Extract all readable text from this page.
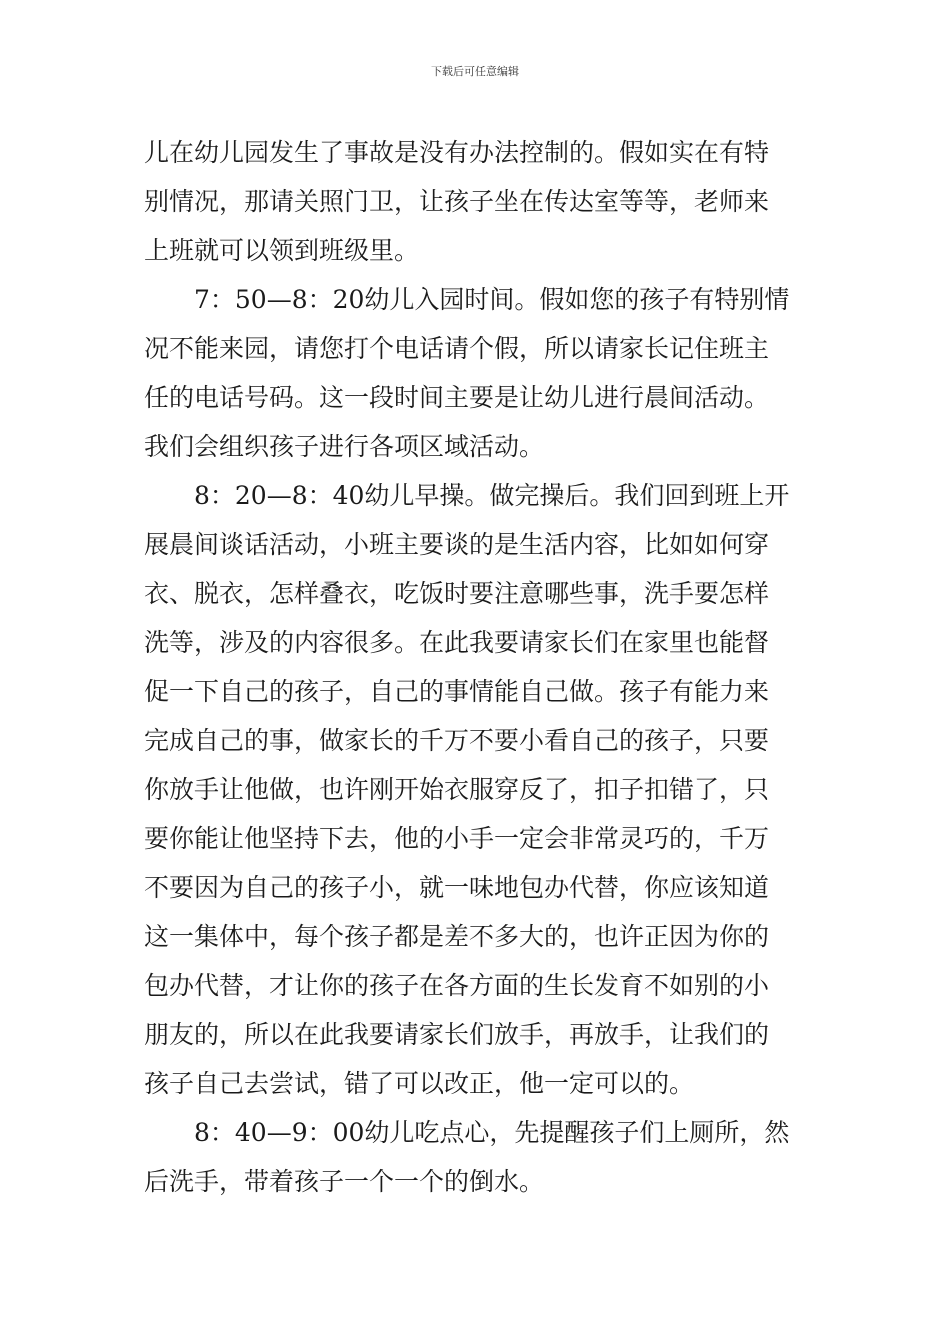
下载后可任意编辑
儿在幼儿园发生了事故是没有办法控制的。假如实在有特
别情况，那请关照门卫，让孩子坐在传达室等等，老师来
上班就可以领到班级里。
7：50—8：20幼儿入园时间。假如您的孩子有特别情
况不能来园，请您打个电话请个假，所以请家长记住班主
任的电话号码。这一段时间主要是让幼儿进行晨间活动。
我们会组织孩子进行各项区域活动。
8：20—8：40幼儿早操。做完操后。我们回到班上开
展晨间谈话活动，小班主要谈的是生活内容，比如如何穿
衣、脱衣，怎样叠衣，吃饭时要注意哪些事，洗手要怎样
洗等，涉及的内容很多。在此我要请家长们在家里也能督
促一下自己的孩子，自己的事情能自己做。孩子有能力来
完成自己的事，做家长的千万不要小看自己的孩子，只要
你放手让他做，也许刚开始衣服穿反了，扣子扣错了，只
要你能让他坚持下去，他的小手一定会非常灵巧的，千万
不要因为自己的孩子小，就一味地包办代替，你应该知道
这一集体中，每个孩子都是差不多大的，也许正因为你的
包办代替，才让你的孩子在各方面的生长发育不如别的小
朋友的，所以在此我要请家长们放手，再放手，让我们的
孩子自己去尝试，错了可以改正，他一定可以的。
8：40—9：00幼儿吃点心，先提醒孩子们上厕所，然
后洗手，带着孩子一个一个的倒水。
